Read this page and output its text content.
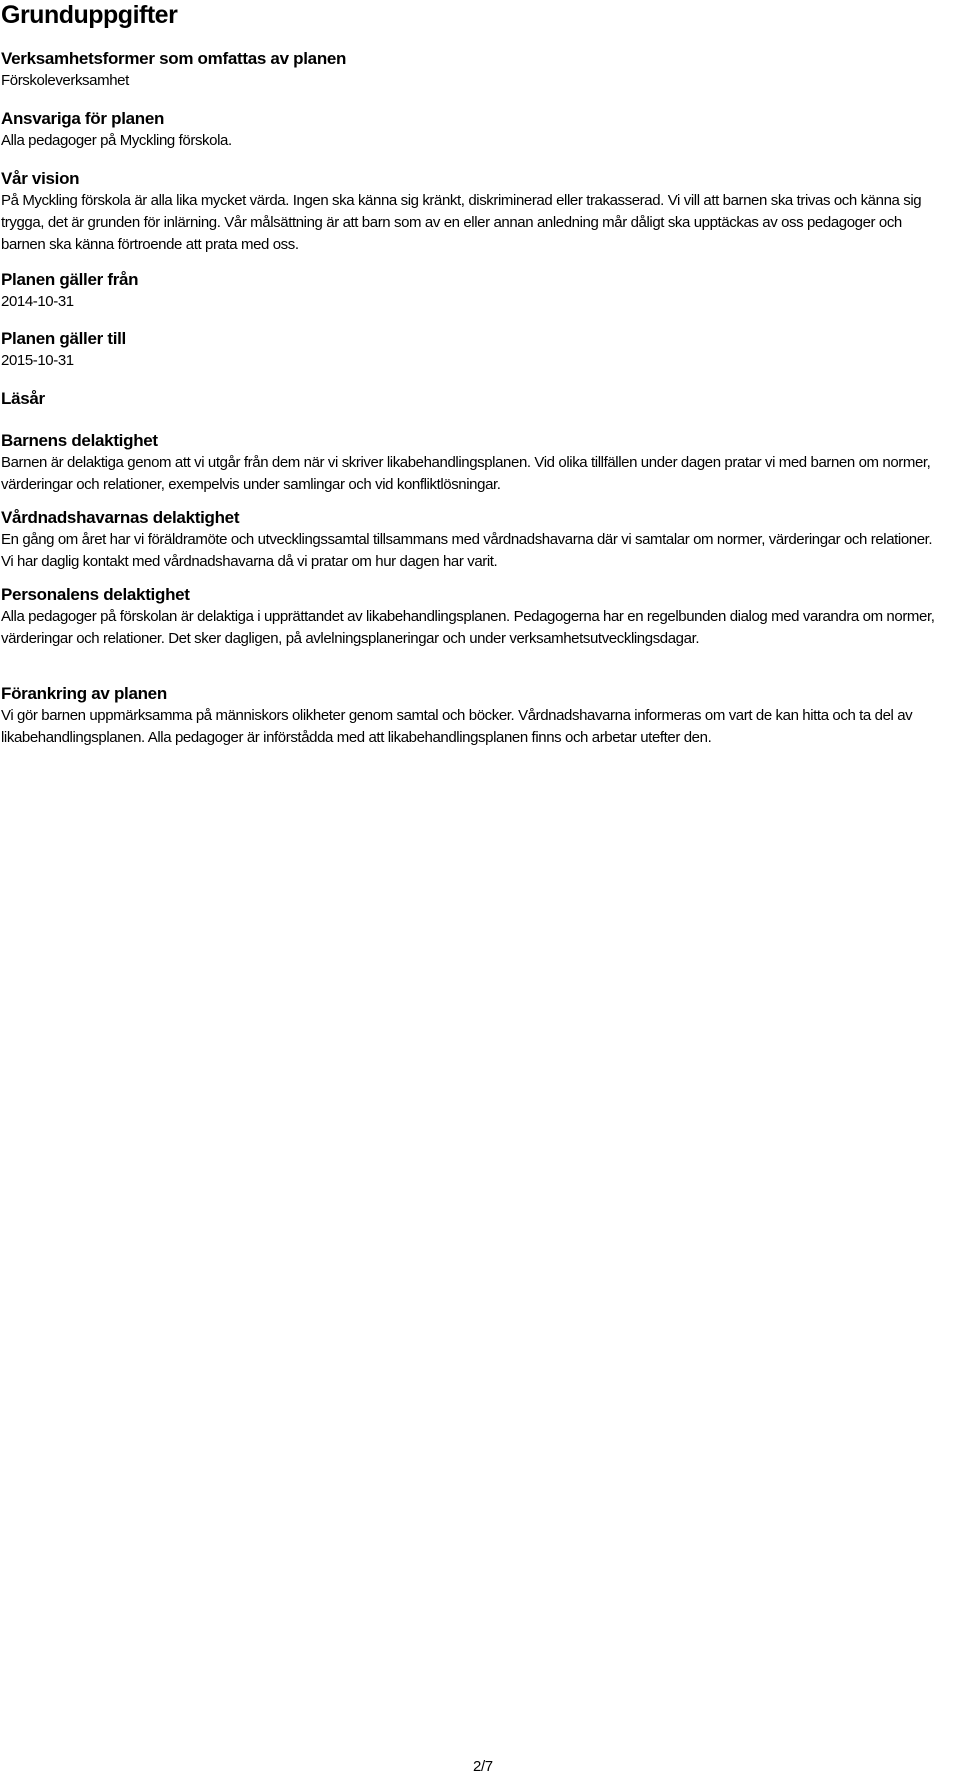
Grunduppgifter
Verksamhetsformer som omfattas av planen
Förskoleverksamhet
Ansvariga för planen
Alla pedagoger på Myckling förskola.
Vår vision
På Myckling förskola är alla lika mycket värda. Ingen ska känna sig kränkt, diskriminerad eller trakasserad. Vi vill att barnen ska trivas och känna sig trygga, det är grunden för inlärning. Vår målsättning är att barn som av en eller annan anledning mår dåligt ska upptäckas av oss pedagoger och barnen ska känna förtroende att prata med oss.
Planen gäller från
2014-10-31
Planen gäller till
2015-10-31
Läsår
Barnens delaktighet
Barnen är delaktiga genom att vi utgår från dem när vi skriver likabehandlingsplanen. Vid olika tillfällen under dagen pratar vi med barnen om normer, värderingar och relationer, exempelvis under samlingar och vid konfliktlösningar.
Vårdnadshavarnas delaktighet
En gång om året har vi föräldramöte och utvecklingssamtal tillsammans med vårdnadshavarna där vi samtalar om normer, värderingar och relationer. Vi har daglig kontakt med vårdnadshavarna då vi pratar om hur dagen har varit.
Personalens delaktighet
Alla pedagoger på förskolan är delaktiga i upprättandet av likabehandlingsplanen. Pedagogerna har en regelbunden dialog med varandra om normer, värderingar och relationer. Det sker dagligen, på avlelningsplaneringar och under verksamhetsutvecklingsdagar.
Förankring av planen
Vi gör barnen uppmärksamma på människors olikheter genom samtal och böcker. Vårdnadshavarna informeras om vart de kan hitta och ta del av likabehandlingsplanen. Alla pedagoger är införstådda med att likabehandlingsplanen finns och arbetar utefter den.
2/7
